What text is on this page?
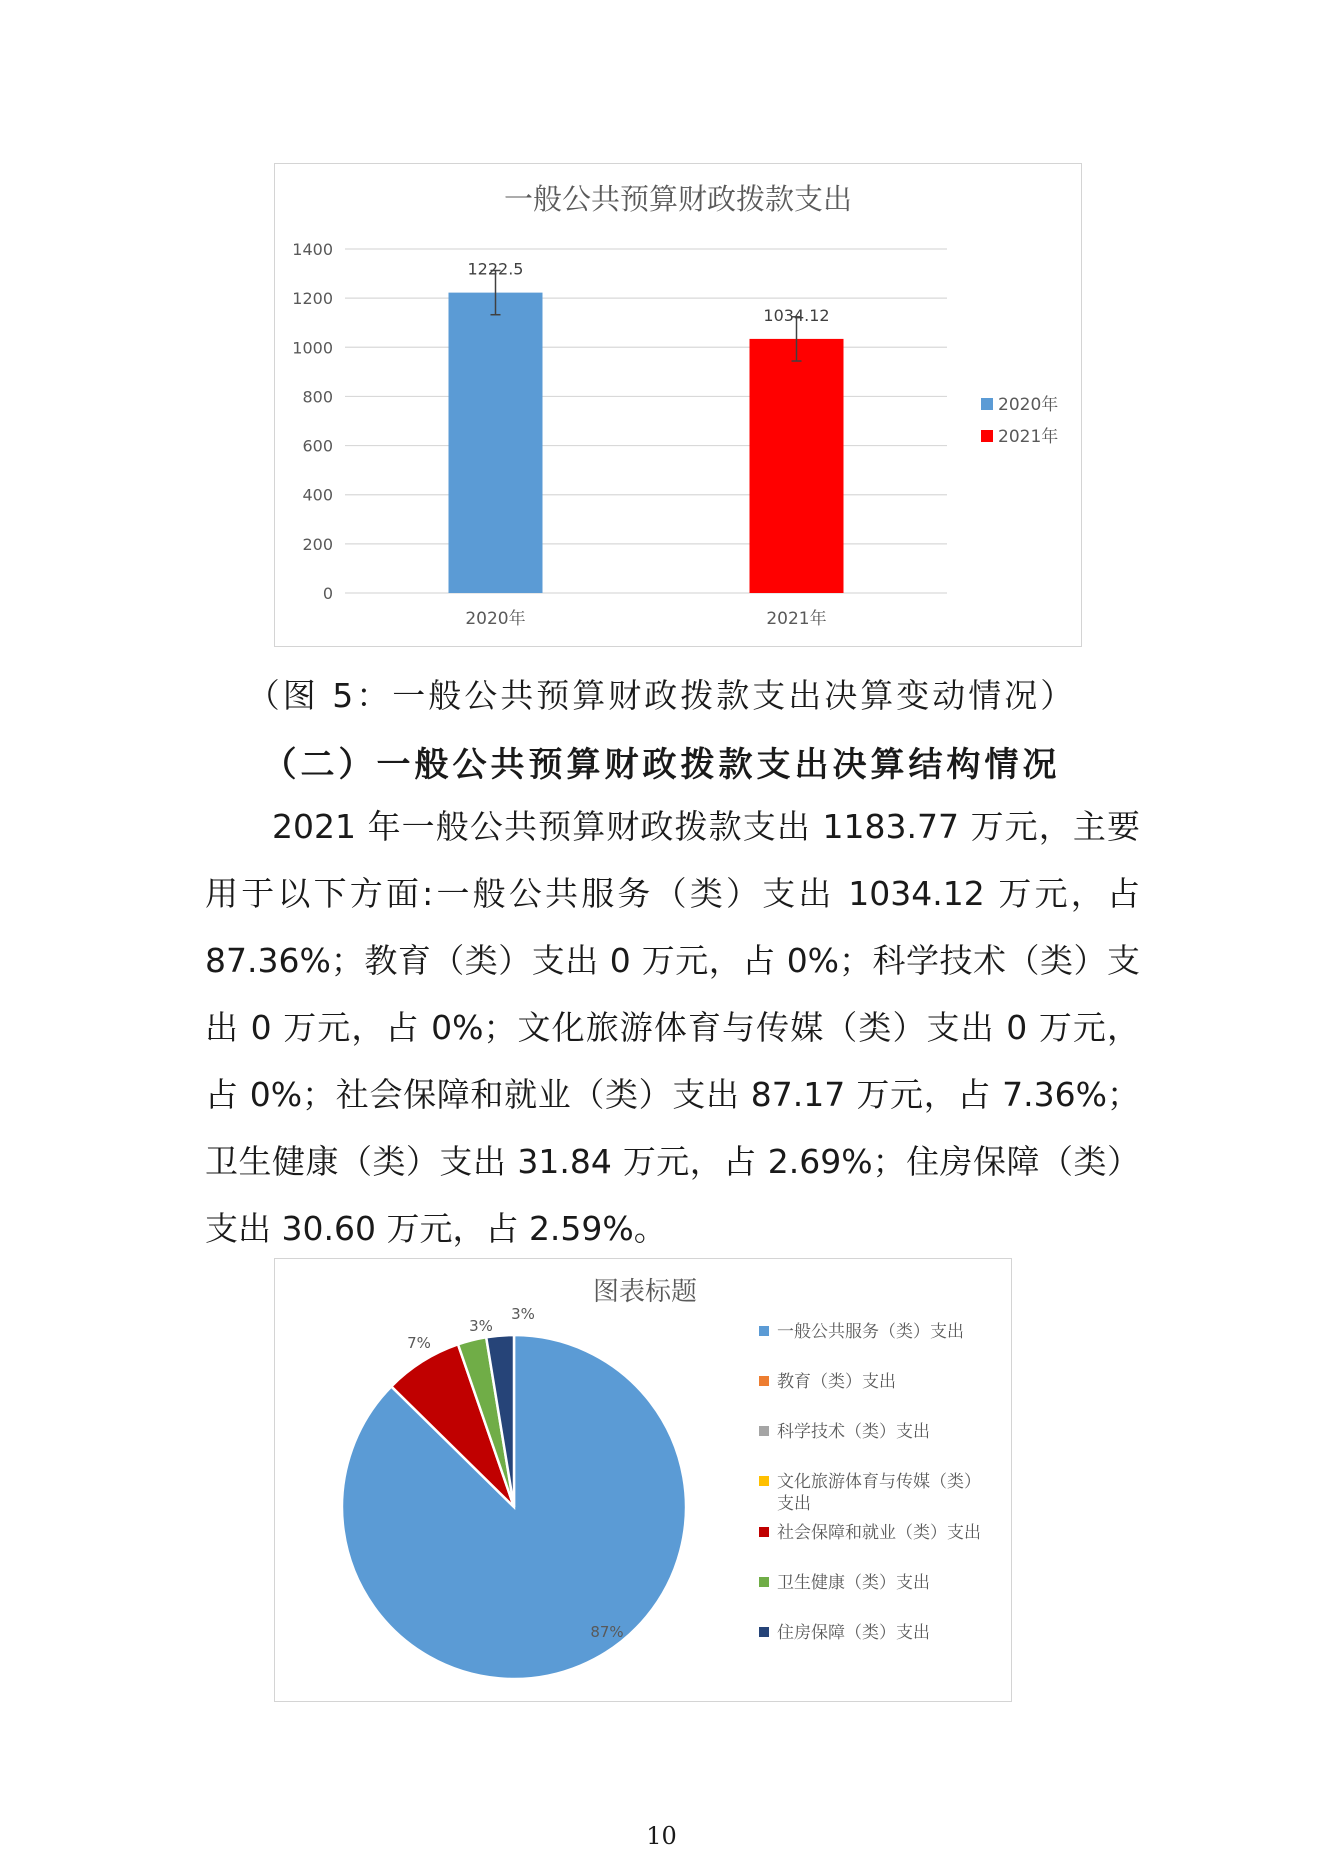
一般公共预算财政拨款支出
0
200
400
600
800
1000
1200
1400
1222.5
2020年
1034.12
2021年
2020年
2021年
（图 5：一般公共预算财政拨款支出决算变动情况）
（二）一般公共预算财政拨款支出决算结构情况
2021 年一般公共预算财政拨款支出 1183.77 万元，主要
用于以下方面:一般公共服务（类）支出 1034.12 万元，占
87.36%；教育（类）支出 0 万元，占 0%；科学技术（类）支
出 0 万元，占 0%；文化旅游体育与传媒（类）支出 0 万元，
占 0%；社会保障和就业（类）支出 87.17 万元，占 7.36%；
卫生健康（类）支出 31.84 万元，占 2.69%；住房保障（类）
支出 30.60 万元，占 2.59%。
图表标题
87%
7%
3%
3%
一般公共服务（类）支出
教育（类）支出
科学技术（类）支出
文化旅游体育与传媒（类）
支出
社会保障和就业（类）支出
卫生健康（类）支出
住房保障（类）支出
10
